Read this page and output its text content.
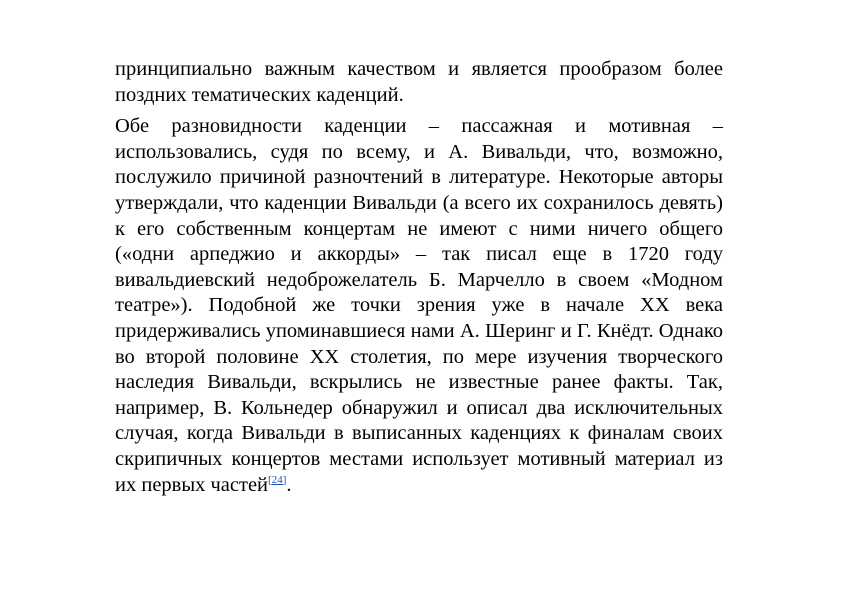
принципиально важным качеством и является прообразом более поздних тематических каденций.

Обе разновидности каденции – пассажная и мотивная – использовались, судя по всему, и А. Вивальди, что, возможно, послужило причиной разночтений в литературе. Некоторые авторы утверждали, что каденции Вивальди (а всего их сохранилось девять) к его собственным концертам не имеют с ними ничего общего («одни арпеджио и аккорды» – так писал еще в 1720 году вивальдиевский недоброжелатель Б. Марчелло в своем «Модном театре»). Подобной же точки зрения уже в начале XX века придерживались упоминавшиеся нами А. Шеринг и Г. Кнёдт. Однако во второй половине XX столетия, по мере изучения творческого наследия Вивальди, вскрылись не известные ранее факты. Так, например, В. Кольнедер обнаружил и описал два исключительных случая, когда Вивальди в выписанных каденциях к финалам своих скрипичных концертов местами использует мотивный материал из их первых частей[24].
